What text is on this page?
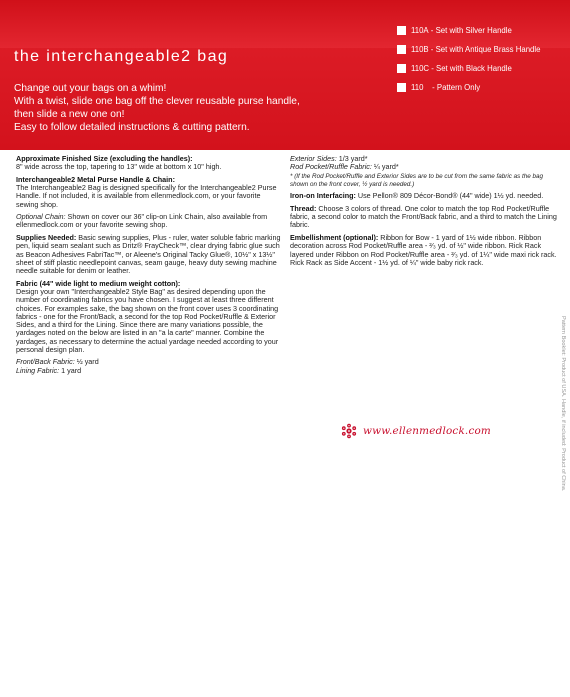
the interchangeable2 bag
Change out your bags on a whim!
With a twist, slide one bag off the clever reusable purse handle,
then slide a new one on!
Easy to follow detailed instructions & cutting pattern.
110A - Set with Silver Handle
110B - Set with Antique Brass Handle
110C - Set with Black Handle
110 - Pattern Only

Approximate Finished Size (excluding the handles):
8" wide across the top, tapering to 13" wide at bottom x 10" high.

Interchangeable2 Metal Purse Handle & Chain:
The Interchangeable2 Bag is designed specifically for the Interchangeable2 Purse Handle. If not included, it is available from ellenmedlock.com, or your favorite sewing shop.

Optional Chain: Shown on cover our 36" clip-on Link Chain, also available from ellenmedlock.com or your favorite sewing shop.

Supplies Needed: Basic sewing supplies, Plus - ruler, water soluble fabric marking pen, liquid seam sealant such as Dritz® FrayCheck™, clear drying fabric glue such as Beacon Adhesives FabriTac™, or Aleene's Original Tacky Glue®, 10½" x 13½" sheet of stiff plastic needlepoint canvas, seam gauge, heavy duty sewing machine needle suitable for denim or leather.

Fabric (44" wide light to medium weight cotton):
Design your own "Interchangeable2 Style Bag" as desired depending upon the number of coordinating fabrics you have chosen. I suggest at least three different choices. For examples sake, the bag shown on the front cover uses 3 coordinating fabrics - one for the Front/Back, a second for the top Rod Pocket/Ruffle & Exterior Sides, and a third for the Lining. Since there are many variations possible, the yardages noted on the below are listed in an "a la carte" manner. Combine the yardages, as necessary to determine the actual yardage needed according to your personal design plan.

Front/Back Fabric: ½ yard
Lining Fabric: 1 yard

Exterior Sides: 1/3 yard*
Rod Pocket/Ruffle Fabric: ¼ yard*
* (If the Rod Pocket/Ruffle and Exterior Sides are to be cut from the same fabric as the bag shown on the front cover, ½ yard is needed.)

Iron-on Interfacing: Use Pellon® 809 Décor-Bond® (44" wide) 1½ yd. needed.

Thread: Choose 3 colors of thread. One color to match the top Rod Pocket/Ruffle fabric, a second color to match the Front/Back fabric, and a third to match the Lining fabric.

Embellishment (optional): Ribbon for Bow - 1 yard of 1½ wide ribbon. Ribbon decoration across Rod Pocket/Ruffle area - ²⁄₃ yd. of ½" wide ribbon. Rick Rack layered under Ribbon on Rod Pocket/Ruffle area - ²⁄₃ yd. of 1¼" wide maxi rick rack. Rick Rack as Side Accent - 1½ yd. of ¼" wide baby rick rack.

www.ellenmedlock.com	Pattern Booklet: Product of USA. Handle, if included: Product of China.
